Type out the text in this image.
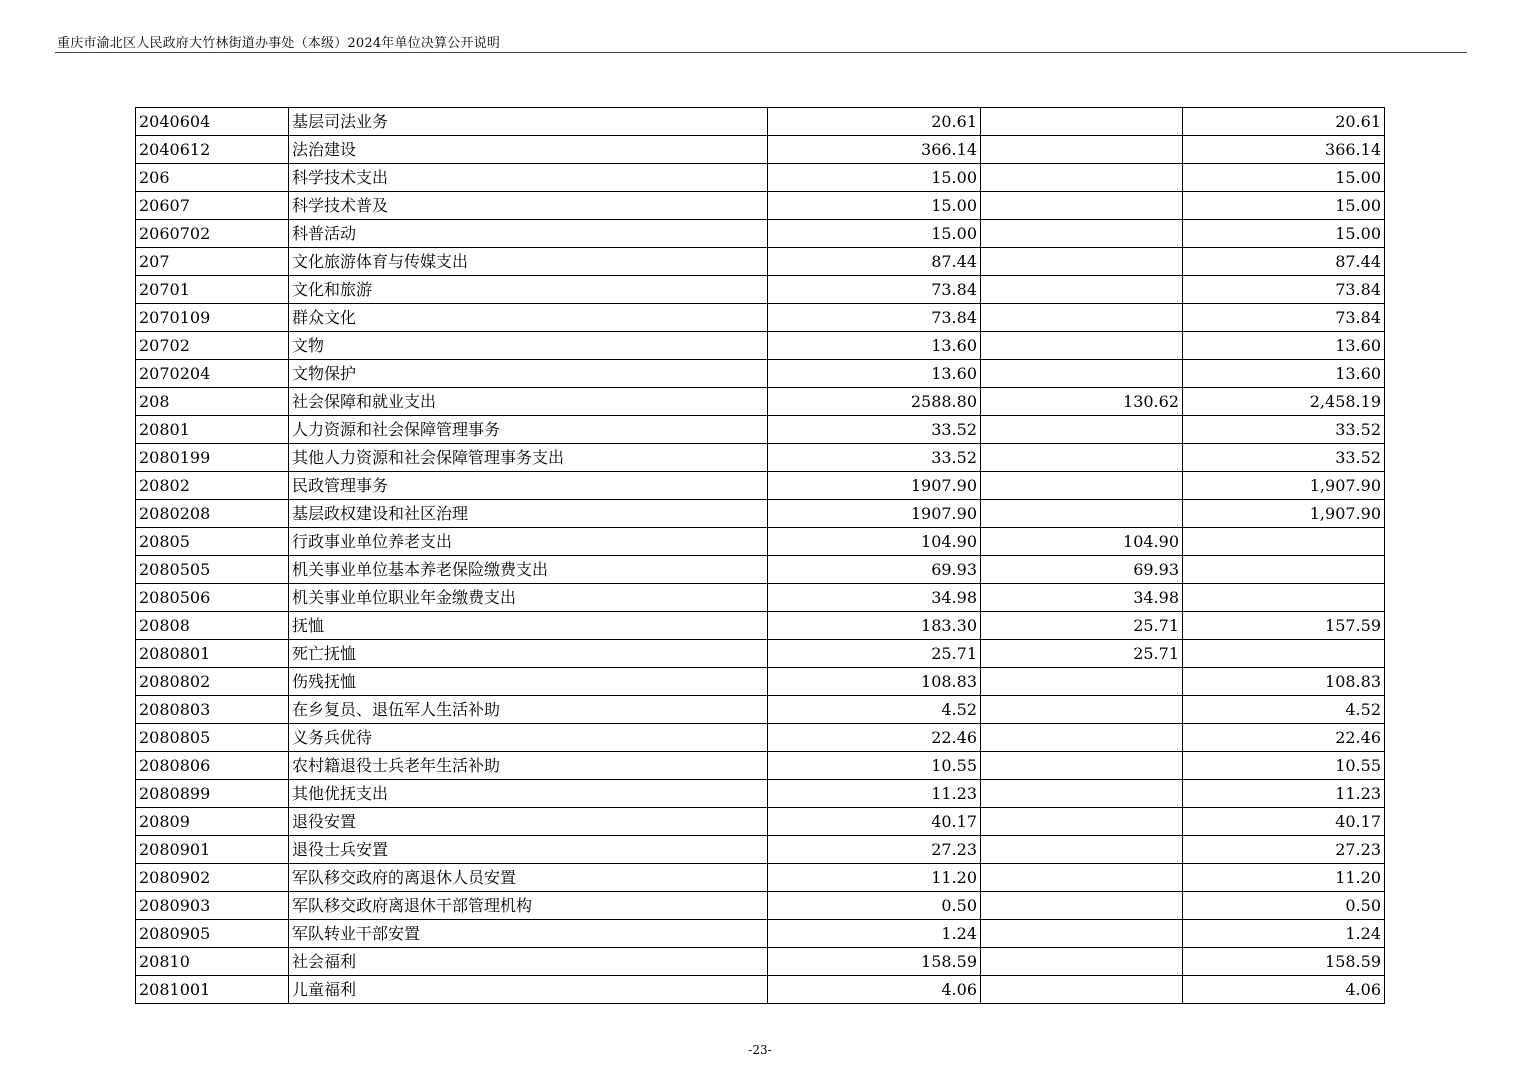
重庆市渝北区人民政府大竹林街道办事处（本级）2024年单位决算公开说明
2040604	基层司法业务	20.61		20.61
2040612	法治建设	366.14		366.14
206	科学技术支出	15.00		15.00
20607	科学技术普及	15.00		15.00
2060702	科普活动	15.00		15.00
207	文化旅游体育与传媒支出	87.44		87.44
20701	文化和旅游	73.84		73.84
2070109	群众文化	73.84		73.84
20702	文物	13.60		13.60
2070204	文物保护	13.60		13.60
208	社会保障和就业支出	2588.80	130.62	2,458.19
20801	人力资源和社会保障管理事务	33.52		33.52
2080199	其他人力资源和社会保障管理事务支出	33.52		33.52
20802	民政管理事务	1907.90		1,907.90
2080208	基层政权建设和社区治理	1907.90		1,907.90
20805	行政事业单位养老支出	104.90	104.90	
2080505	机关事业单位基本养老保险缴费支出	69.93	69.93	
2080506	机关事业单位职业年金缴费支出	34.98	34.98	
20808	抚恤	183.30	25.71	157.59
2080801	死亡抚恤	25.71	25.71	
2080802	伤残抚恤	108.83		108.83
2080803	在乡复员、退伍军人生活补助	4.52		4.52
2080805	义务兵优待	22.46		22.46
2080806	农村籍退役士兵老年生活补助	10.55		10.55
2080899	其他优抚支出	11.23		11.23
20809	退役安置	40.17		40.17
2080901	退役士兵安置	27.23		27.23
2080902	军队移交政府的离退休人员安置	11.20		11.20
2080903	军队移交政府离退休干部管理机构	0.50		0.50
2080905	军队转业干部安置	1.24		1.24
20810	社会福利	158.59		158.59
2081001	儿童福利	4.06		4.06
-23-
